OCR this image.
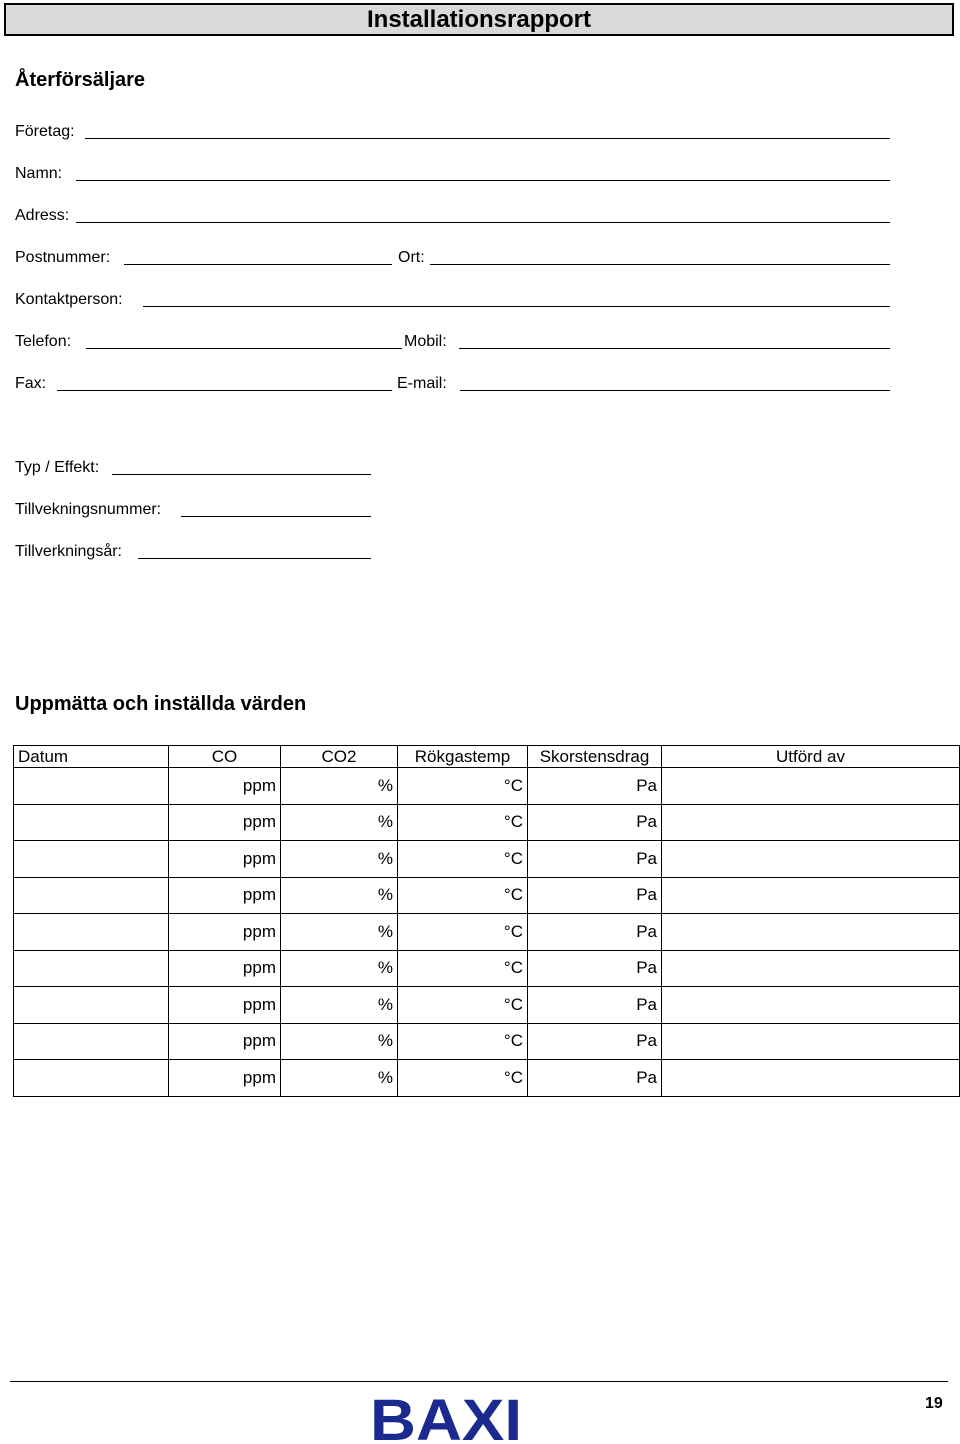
Installationsrapport
Återförsäljare
Företag:
Namn:
Adress:
Postnummer:	Ort:
Kontaktperson:
Telefon:	Mobil:
Fax:	E-mail:
Typ / Effekt:
Tillvekningsnummer:
Tillverkningsår:
Uppmätta och inställda värden
Datum	CO	CO2	Rökgastemp	Skorstensdrag	Utförd av
	ppm	%	°C	Pa	
	ppm	%	°C	Pa	
	ppm	%	°C	Pa	
	ppm	%	°C	Pa	
	ppm	%	°C	Pa	
	ppm	%	°C	Pa	
	ppm	%	°C	Pa	
	ppm	%	°C	Pa	
	ppm	%	°C	Pa	
BAXI	19
